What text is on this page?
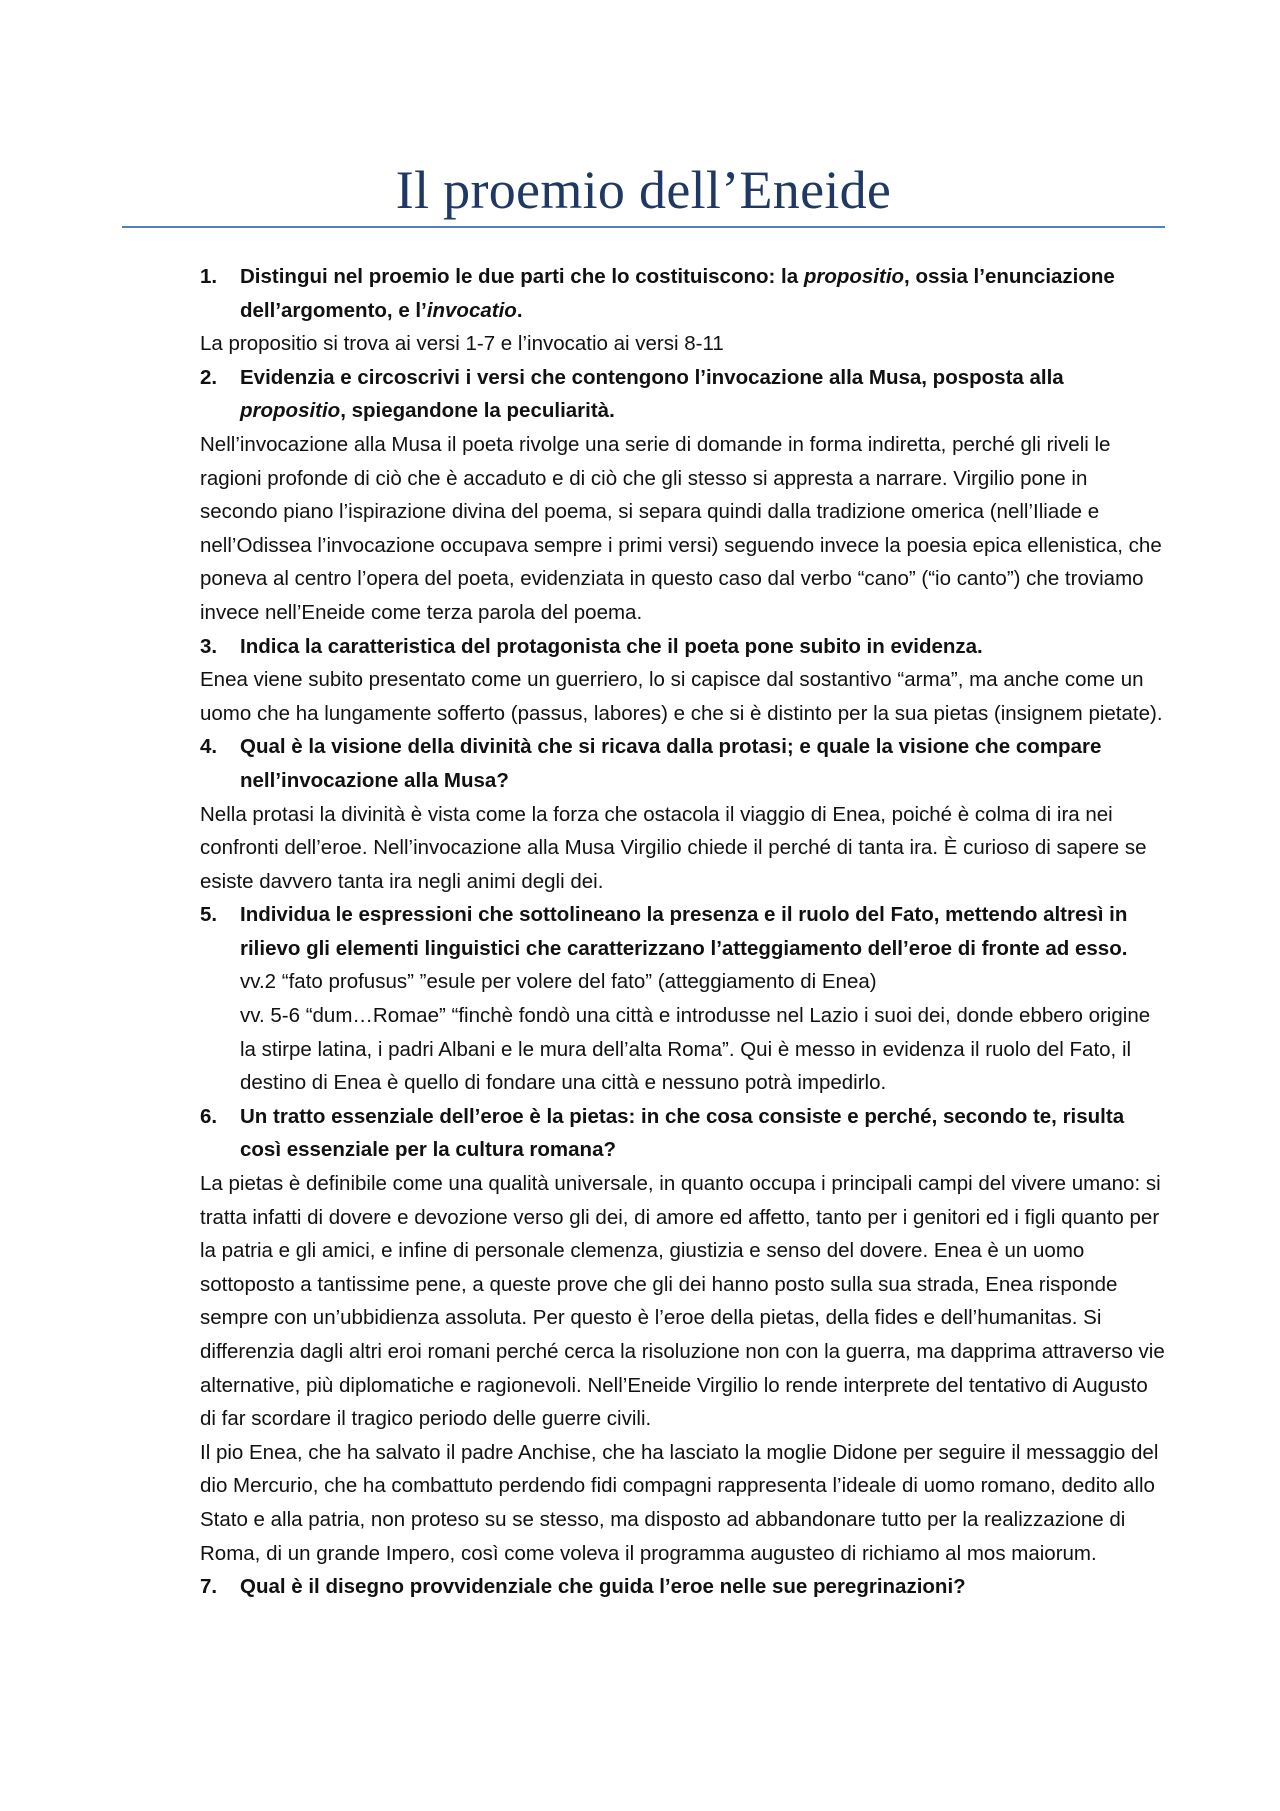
Il proemio dell’Eneide
1. Distingui nel proemio le due parti che lo costituiscono: la propositio, ossia l’enunciazione dell’argomento, e l’invocatio.
La propositio si trova ai versi 1-7 e l’invocatio ai versi 8-11
2. Evidenzia e circoscrivi i versi che contengono l’invocazione alla Musa, posposta alla propositio, spiegandone la peculiarità.
Nell’invocazione alla Musa il poeta rivolge una serie di domande in forma indiretta, perché gli riveli le ragioni profonde di ciò che è accaduto e di ciò che gli stesso si appresta a narrare. Virgilio pone in secondo piano l’ispirazione divina del poema, si separa quindi dalla tradizione omerica (nell’Iliade e nell’Odissea l’invocazione occupava sempre i primi versi) seguendo invece la poesia epica ellenistica, che poneva al centro l’opera del poeta, evidenziata in questo caso dal verbo “cano” (“io canto”) che troviamo invece nell’Eneide come terza parola del poema.
3. Indica la caratteristica del protagonista che il poeta pone subito in evidenza.
Enea viene subito presentato come un guerriero, lo si capisce dal sostantivo “arma”, ma anche come un uomo che ha lungamente sofferto (passus, labores) e che si è distinto per la sua pietas (insignem pietate).
4. Qual è la visione della divinità che si ricava dalla protasi; e quale la visione che compare nell’invocazione alla Musa?
Nella protasi la divinità è vista come la forza che ostacola il viaggio di Enea, poiché è colma di ira nei confronti dell’eroe. Nell’invocazione alla Musa Virgilio chiede il perché di tanta ira. È curioso di sapere se esiste davvero tanta ira negli animi degli dei.
5. Individua le espressioni che sottolineano la presenza e il ruolo del Fato, mettendo altresì in rilievo gli elementi linguistici che caratterizzano l’atteggiamento dell’eroe di fronte ad esso.
vv.2 “fato profusus” ”esule per volere del fato” (atteggiamento di Enea)
vv. 5-6 “dum…Romae” “finchè fondò una città e introdusse nel Lazio i suoi dei, donde ebbero origine la stirpe latina, i padri Albani e le mura dell’alta Roma”. Qui è messo in evidenza il ruolo del Fato, il destino di Enea è quello di fondare una città e nessuno potrà impedirlo.
6. Un tratto essenziale dell’eroe è la pietas: in che cosa consiste e perché, secondo te, risulta così essenziale per la cultura romana?
La pietas è definibile come una qualità universale, in quanto occupa i principali campi del vivere umano: si tratta infatti di dovere e devozione verso gli dei, di amore ed affetto, tanto per i genitori ed i figli quanto per la patria e gli amici, e infine di personale clemenza, giustizia e senso del dovere. Enea è un uomo sottoposto a tantissime pene, a queste prove che gli dei hanno posto sulla sua strada, Enea risponde sempre con un’ubbidienza assoluta. Per questo è l’eroe della pietas, della fides e dell’humanitas. Si differenzia dagli altri eroi romani perché cerca la risoluzione non con la guerra, ma dapprima attraverso vie alternative, più diplomatiche e ragionevoli. Nell’Eneide Virgilio lo rende interprete del tentativo di Augusto di far scordare il tragico periodo delle guerre civili.
Il pio Enea, che ha salvato il padre Anchise, che ha lasciato la moglie Didone per seguire il messaggio del dio Mercurio, che ha combattuto perdendo fidi compagni rappresenta l’ideale di uomo romano, dedito allo Stato e alla patria, non proteso su se stesso, ma disposto ad abbandonare tutto per la realizzazione di Roma, di un grande Impero, così come voleva il programma augusteo di richiamo al mos maiorum.
7. Qual è il disegno provvidenziale che guida l’eroe nelle sue peregrinazioni?
